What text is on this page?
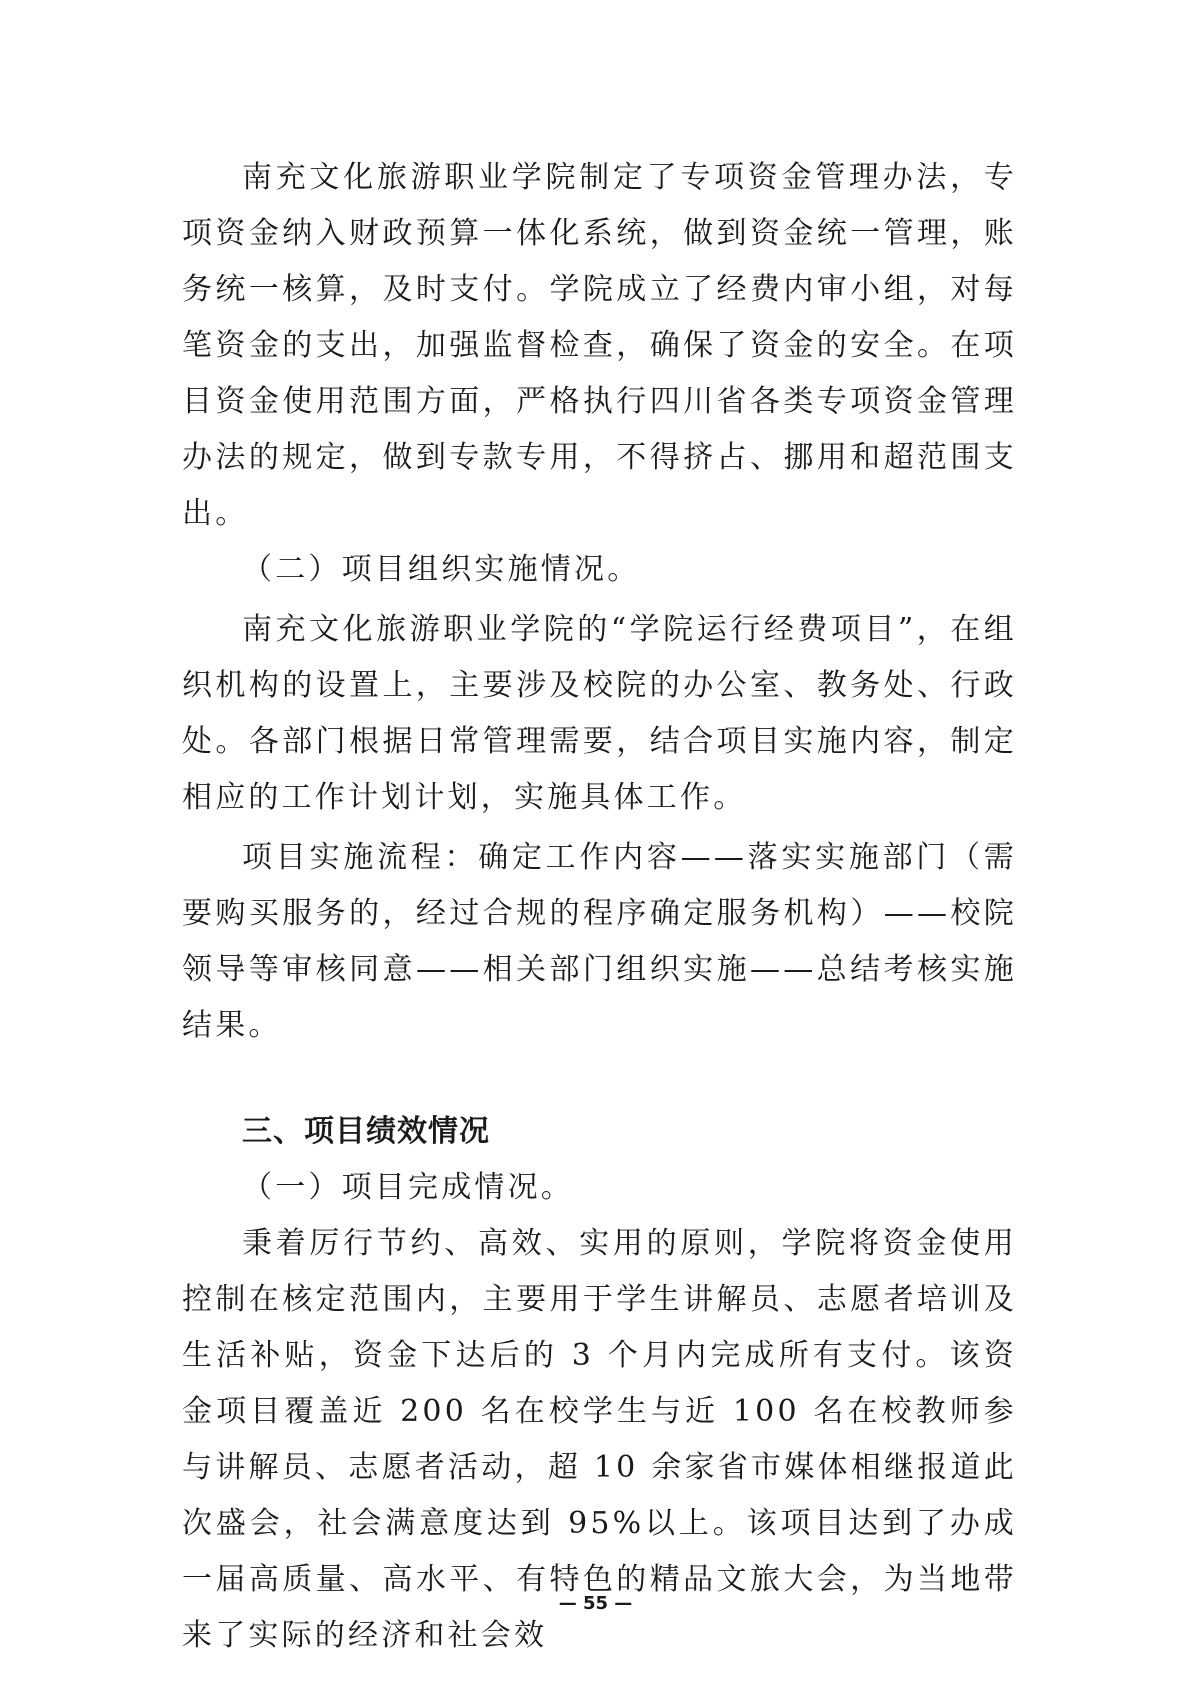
南充文化旅游职业学院制定了专项资金管理办法，专项资金纳入财政预算一体化系统，做到资金统一管理，账务统一核算，及时支付。学院成立了经费内审小组，对每笔资金的支出，加强监督检查，确保了资金的安全。在项目资金使用范围方面，严格执行四川省各类专项资金管理办法的规定，做到专款专用，不得挤占、挪用和超范围支出。

（二）项目组织实施情况。

南充文化旅游职业学院的“学院运行经费项目”，在组织机构的设置上，主要涉及校院的办公室、教务处、行政处。各部门根据日常管理需要，结合项目实施内容，制定相应的工作计划计划，实施具体工作。

项目实施流程：确定工作内容——落实实施部门（需要购买服务的，经过合规的程序确定服务机构）——校院领导等审核同意——相关部门组织实施——总结考核实施结果。

三、项目绩效情况

（一）项目完成情况。

秉着厉行节约、高效、实用的原则，学院将资金使用控制在核定范围内，主要用于学生讲解员、志愿者培训及生活补贴，资金下达后的 3 个月内完成所有支付。该资金项目覆盖近 200 名在校学生与近 100 名在校教师参与讲解员、志愿者活动，超 10 余家省市媒体相继报道此次盛会，社会满意度达到 95%以上。该项目达到了办成一届高质量、高水平、有特色的精品文旅大会，为当地带来了实际的经济和社会效

— 55 —
